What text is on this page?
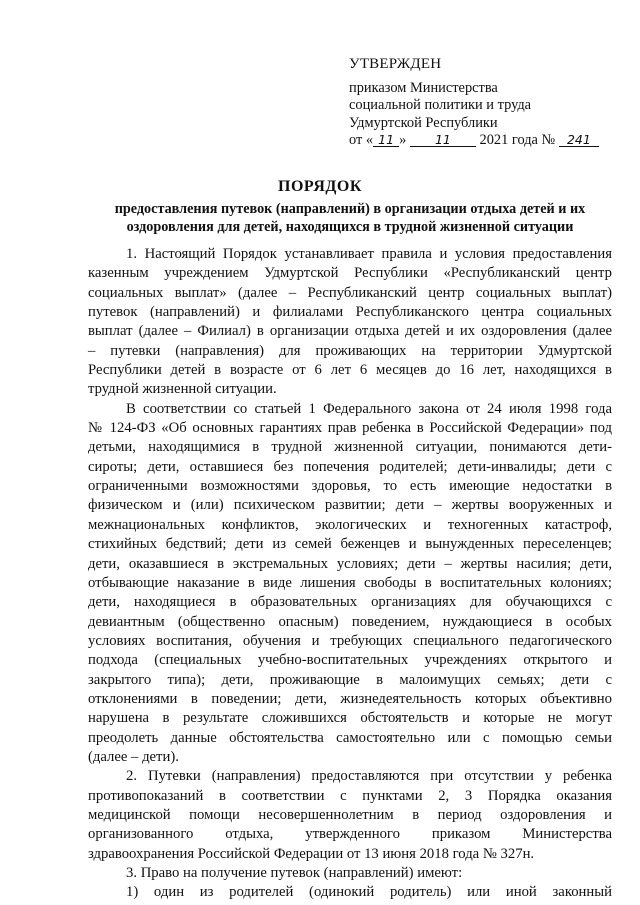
УТВЕРЖДЕН
приказом Министерства
социальной политики и труда
Удмуртской Республики
от « 11 » 11 2021 года № 241
ПОРЯДОК
предоставления путевок (направлений) в организации отдыха детей и их
оздоровления для детей, находящихся в трудной жизненной ситуации
1. Настоящий Порядок устанавливает правила и условия предоставления
казенным учреждением Удмуртской Республики «Республиканский центр
социальных выплат» (далее – Республиканский центр социальных выплат)
путевок (направлений) и филиалами Республиканского центра социальных
выплат (далее – Филиал) в организации отдыха детей и их оздоровления (далее
– путевки (направления) для проживающих на территории Удмуртской
Республики детей в возрасте от 6 лет 6 месяцев до 16 лет, находящихся в
трудной жизненной ситуации.
В соответствии со статьей 1 Федерального закона от 24 июля 1998 года
№ 124-ФЗ «Об основных гарантиях прав ребенка в Российской Федерации» под
детьми, находящимися в трудной жизненной ситуации, понимаются дети-
сироты; дети, оставшиеся без попечения родителей; дети-инвалиды; дети с
ограниченными возможностями здоровья, то есть имеющие недостатки в
физическом и (или) психическом развитии; дети – жертвы вооруженных и
межнациональных конфликтов, экологических и техногенных катастроф,
стихийных бедствий; дети из семей беженцев и вынужденных переселенцев;
дети, оказавшиеся в экстремальных условиях; дети – жертвы насилия; дети,
отбывающие наказание в виде лишения свободы в воспитательных колониях;
дети, находящиеся в образовательных организациях для обучающихся с
девиантным (общественно опасным) поведением, нуждающиеся в особых
условиях воспитания, обучения и требующих специального педагогического
подхода (специальных учебно-воспитательных учреждениях открытого и
закрытого типа); дети, проживающие в малоимущих семьях; дети с
отклонениями в поведении; дети, жизнедеятельность которых объективно
нарушена в результате сложившихся обстоятельств и которые не могут
преодолеть данные обстоятельства самостоятельно или с помощью семьи
(далее – дети).
2. Путевки (направления) предоставляются при отсутствии у ребенка
противопоказаний в соответствии с пунктами 2, 3 Порядка оказания
медицинской помощи несовершеннолетним в период оздоровления и
организованного отдыха, утвержденного приказом Министерства
здравоохранения Российской Федерации от 13 июня 2018 года № 327н.
3. Право на получение путевок (направлений) имеют:
1) один из родителей (одинокий родитель) или иной законный
